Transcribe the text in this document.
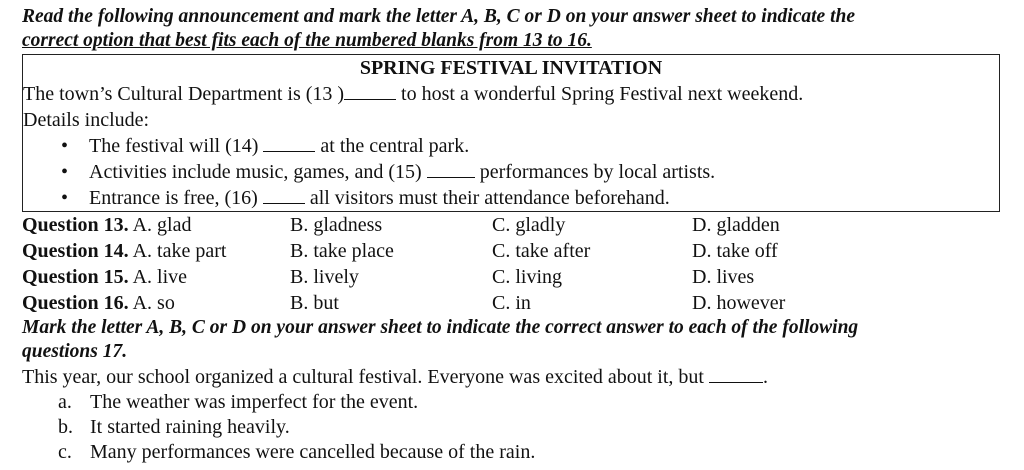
Read the following announcement and mark the letter A, B, C or D on your answer sheet to indicate the

correct option that best fits each of the numbered blanks from 13 to 16.

SPRING FESTIVAL INVITATION
The town’s Cultural Department is (13 )	to host a wonderful Spring Festival next weekend.
Details include:
• The festival will (14)	at the central park.
• Activities include music, games, and (15)  performances by local artists.
• Entrance is free, (16)  all visitors must their attendance beforehand.
Question 13. A. glad	B. gladness	C. gladly	D. gladden
Question 14. A. take part	B. take place	C. take after	D. take off
Question 15. A. live	B. lively	C. living	D. lives
Question 16. A. so	B. but	C. in	D. however

Mark the letter A, B, C or D on your answer sheet to indicate the correct answer to each of the following

questions 17.

This year, our school organized a cultural festival. Everyone was excited about it, but	.
a. The weather was imperfect for the event.
b. It started raining heavily.
c. Many performances were cancelled because of the rain.
